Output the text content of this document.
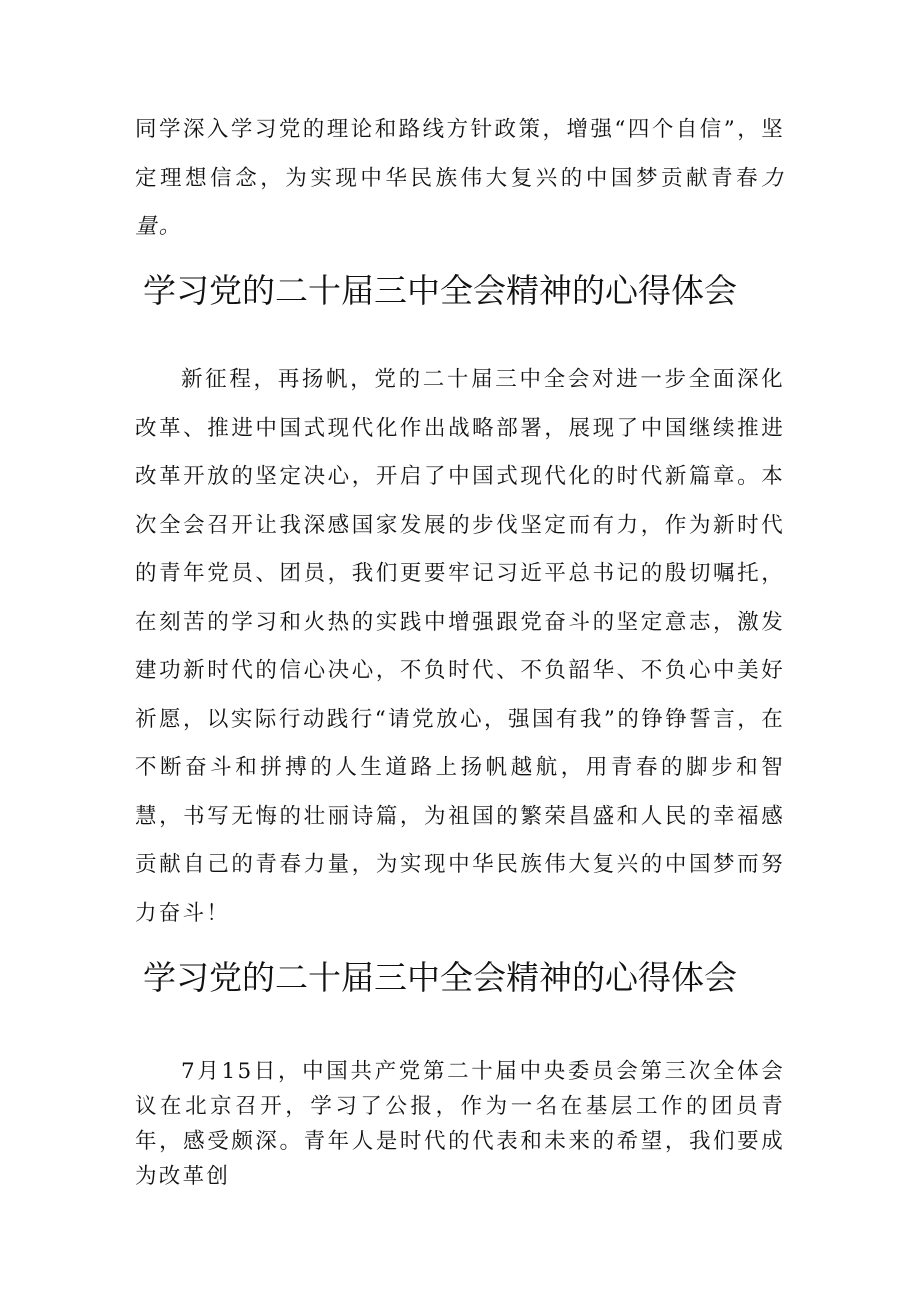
同学深入学习党的理论和路线方针政策，增强“四个自信”，坚定理想信念，为实现中华民族伟大复兴的中国梦贡献青春力量。

学习党的二十届三中全会精神的心得体会

新征程，再扬帆，党的二十届三中全会对进一步全面深化改革、推进中国式现代化作出战略部署，展现了中国继续推进改革开放的坚定决心，开启了中国式现代化的时代新篇章。本次全会召开让我深感国家发展的步伐坚定而有力，作为新时代的青年党员、团员，我们更要牢记习近平总书记的殷切嘱托，在刻苦的学习和火热的实践中增强跟党奋斗的坚定意志，激发建功新时代的信心决心，不负时代、不负韶华、不负心中美好祈愿，以实际行动践行“请党放心，强国有我”的铮铮誓言，在不断奋斗和拼搏的人生道路上扬帆越航，用青春的脚步和智慧，书写无悔的壮丽诗篇，为祖国的繁荣昌盛和人民的幸福感贡献自己的青春力量，为实现中华民族伟大复兴的中国梦而努力奋斗！

学习党的二十届三中全会精神的心得体会

7月15日，中国共产党第二十届中央委员会第三次全体会议在北京召开，学习了公报，作为一名在基层工作的团员青年，感受颇深。青年人是时代的代表和未来的希望，我们要成为改革创
